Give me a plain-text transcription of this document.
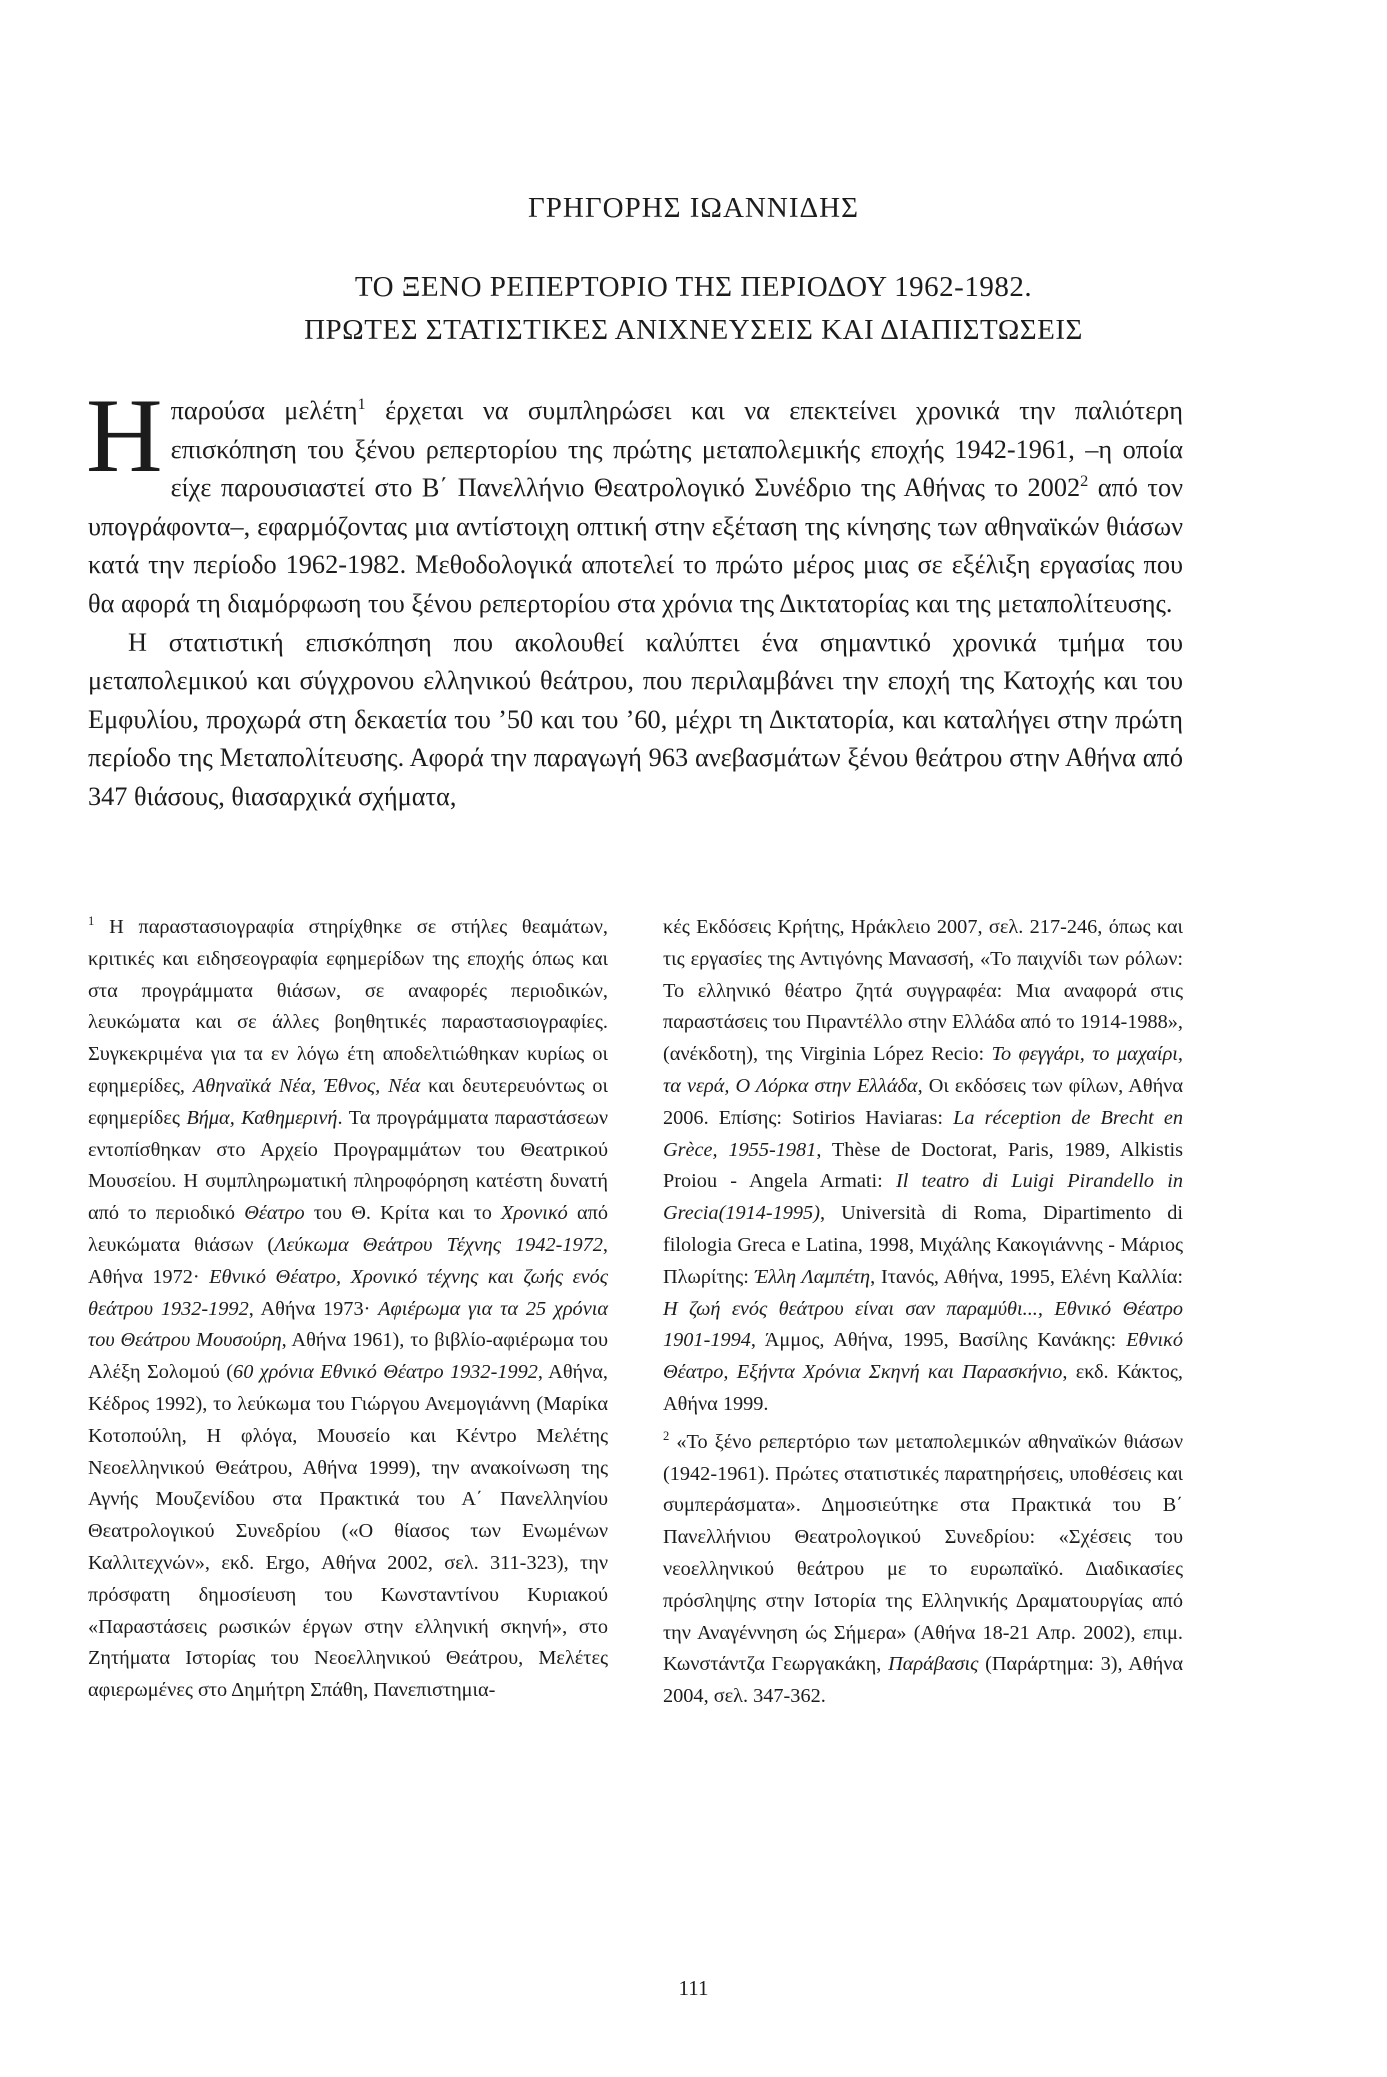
ΓΡΗΓΟΡΗΣ ΙΩΑΝΝΙΔΗΣ
ΤΟ ΞΕΝΟ ΡΕΠΕΡΤΟΡΙΟ ΤΗΣ ΠΕΡΙΟΔΟΥ 1962-1982.
ΠΡΩΤΕΣ ΣΤΑΤΙΣΤΙΚΕΣ ΑΝΙΧΝΕΥΣΕΙΣ ΚΑΙ ΔΙΑΠΙΣΤΩΣΕΙΣ

Η παρούσα μελέτη$^1$ έρχεται να συμπληρώσει και να επεκτείνει χρονικά την παλιότερη επισκόπηση του ξένου ρεπερτορίου της πρώτης μεταπολεμικής εποχής 1942-1961, –η οποία είχε παρουσιαστεί στο Β΄ Πανελλήνιο Θεατρολογικό Συνέδριο της Αθήνας το 2002$^2$ από τον υπογράφοντα–, εφαρμόζοντας μια αντίστοιχη οπτική στην εξέταση της κίνησης των αθηναϊκών θιάσων κατά την περίοδο 1962-1982. Μεθοδολογικά αποτελεί το πρώτο μέρος μιας σε εξέλιξη εργασίας που θα αφορά τη διαμόρφωση του ξένου ρεπερτορίου στα χρόνια της Δικτατορίας και της μεταπολίτευσης.

Η στατιστική επισκόπηση που ακολουθεί καλύπτει ένα σημαντικό χρονικά τμήμα του μεταπολεμικού και σύγχρονου ελληνικού θεάτρου, που περιλαμβάνει την εποχή της Κατοχής και του Εμφυλίου, προχωρά στη δεκαετία του ’50 και του ’60, μέχρι τη Δικτατορία, και καταλήγει στην πρώτη περίοδο της Μεταπολίτευσης. Αφορά την παραγωγή 963 ανεβασμάτων ξένου θεάτρου στην Αθήνα από 347 θιάσους, θιασαρχικά σχήματα,

$^1$ Η παραστασιογραφία στηρίχθηκε σε στήλες θεαμάτων, κριτικές και ειδησεογραφία εφημερίδων της εποχής όπως και στα προγράμματα θιάσων, σε αναφορές περιοδικών, λευκώματα και σε άλλες βοηθητικές παραστασιογραφίες. Συγκεκριμένα για τα εν λόγω έτη αποδελτιώθηκαν κυρίως οι εφημερίδες, Αθηναϊκά Νέα, Έθνος, Νέα και δευτερευόντως οι εφημερίδες Βήμα, Καθημερινή. Τα προγράμματα παραστάσεων εντοπίσθηκαν στο Αρχείο Προγραμμάτων του Θεατρικού Μουσείου. Η συμπληρωματική πληροφόρηση κατέστη δυνατή από το περιοδικό Θέατρο του Θ. Κρίτα και το Χρονικό από λευκώματα θιάσων (Λεύκωμα Θεάτρου Τέχνης 1942-1972, Αθήνα 1972· Εθνικό Θέατρο, Χρονικό τέχνης και ζωής ενός θεάτρου 1932-1992, Αθήνα 1973· Αφιέρωμα για τα 25 χρόνια του Θεάτρου Μουσούρη, Αθήνα 1961), το βιβλίο-αφιέρωμα του Αλέξη Σολομού (60 χρόνια Εθνικό Θέατρο 1932-1992, Αθήνα, Κέδρος 1992), το λεύκωμα του Γιώργου Ανεμογιάννη (Μαρίκα Κοτοπούλη, Η φλόγα, Μουσείο και Κέντρο Μελέτης Νεοελληνικού Θεάτρου, Αθήνα 1999), την ανακοίνωση της Αγνής Μουζενίδου στα Πρακτικά του Α΄ Πανελληνίου Θεατρολογικού Συνεδρίου («Ο θίασος των Ενωμένων Καλλιτεχνών», εκδ. Ergo, Αθήνα 2002, σελ. 311-323), την πρόσφατη δημοσίευση του Κωνσταντίνου Κυριακού «Παραστάσεις ρωσικών έργων στην ελληνική σκηνή», στο Ζητήματα Ιστορίας του Νεοελληνικού Θεάτρου, Μελέτες αφιερωμένες στο Δημήτρη Σπάθη, Πανεπιστημια-

κές Εκδόσεις Κρήτης, Ηράκλειο 2007, σελ. 217-246, όπως και τις εργασίες της Αντιγόνης Μανασσή, «Το παιχνίδι των ρόλων: Το ελληνικό θέατρο ζητά συγγραφέα: Μια αναφορά στις παραστάσεις του Πιραντέλλο στην Ελλάδα από το 1914-1988», (ανέκδοτη), της Virginia López Recio: Το φεγγάρι, το μαχαίρι, τα νερά, Ο Λόρκα στην Ελλάδα, Οι εκδόσεις των φίλων, Αθήνα 2006. Επίσης: Sotirios Haviaras: La réception de Brecht en Grèce, 1955-1981, Thèse de Doctorat, Paris, 1989, Alkistis Proiou - Angela Armati: Il teatro di Luigi Pirandello in Grecia(1914-1995), Università di Roma, Dipartimento di filologia Greca e Latina, 1998, Μιχάλης Κακογιάννης - Μάριος Πλωρίτης: Έλλη Λαμπέτη, Ιτανός, Αθήνα, 1995, Ελένη Καλλία: Η ζωή ενός θεάτρου είναι σαν παραμύθι..., Εθνικό Θέατρο 1901-1994, Άμμος, Αθήνα, 1995, Βασίλης Κανάκης: Εθνικό Θέατρο, Εξήντα Χρόνια Σκηνή και Παρασκήνιο, εκδ. Κάκτος, Αθήνα 1999.

$^2$ «Το ξένο ρεπερτόριο των μεταπολεμικών αθηναϊκών θιάσων (1942-1961). Πρώτες στατιστικές παρατηρήσεις, υποθέσεις και συμπεράσματα». Δημοσιεύτηκε στα Πρακτικά του Β΄ Πανελλήνιου Θεατρολογικού Συνεδρίου: «Σχέσεις του νεοελληνικού θεάτρου με το ευρωπαϊκό. Διαδικασίες πρόσληψης στην Ιστορία της Ελληνικής Δραματουργίας από την Αναγέννηση ώς Σήμερα» (Αθήνα 18-21 Απρ. 2002), επιμ. Κωνστάντζα Γεωργακάκη, Παράβασις (Παράρτημα: 3), Αθήνα 2004, σελ. 347-362.

111
